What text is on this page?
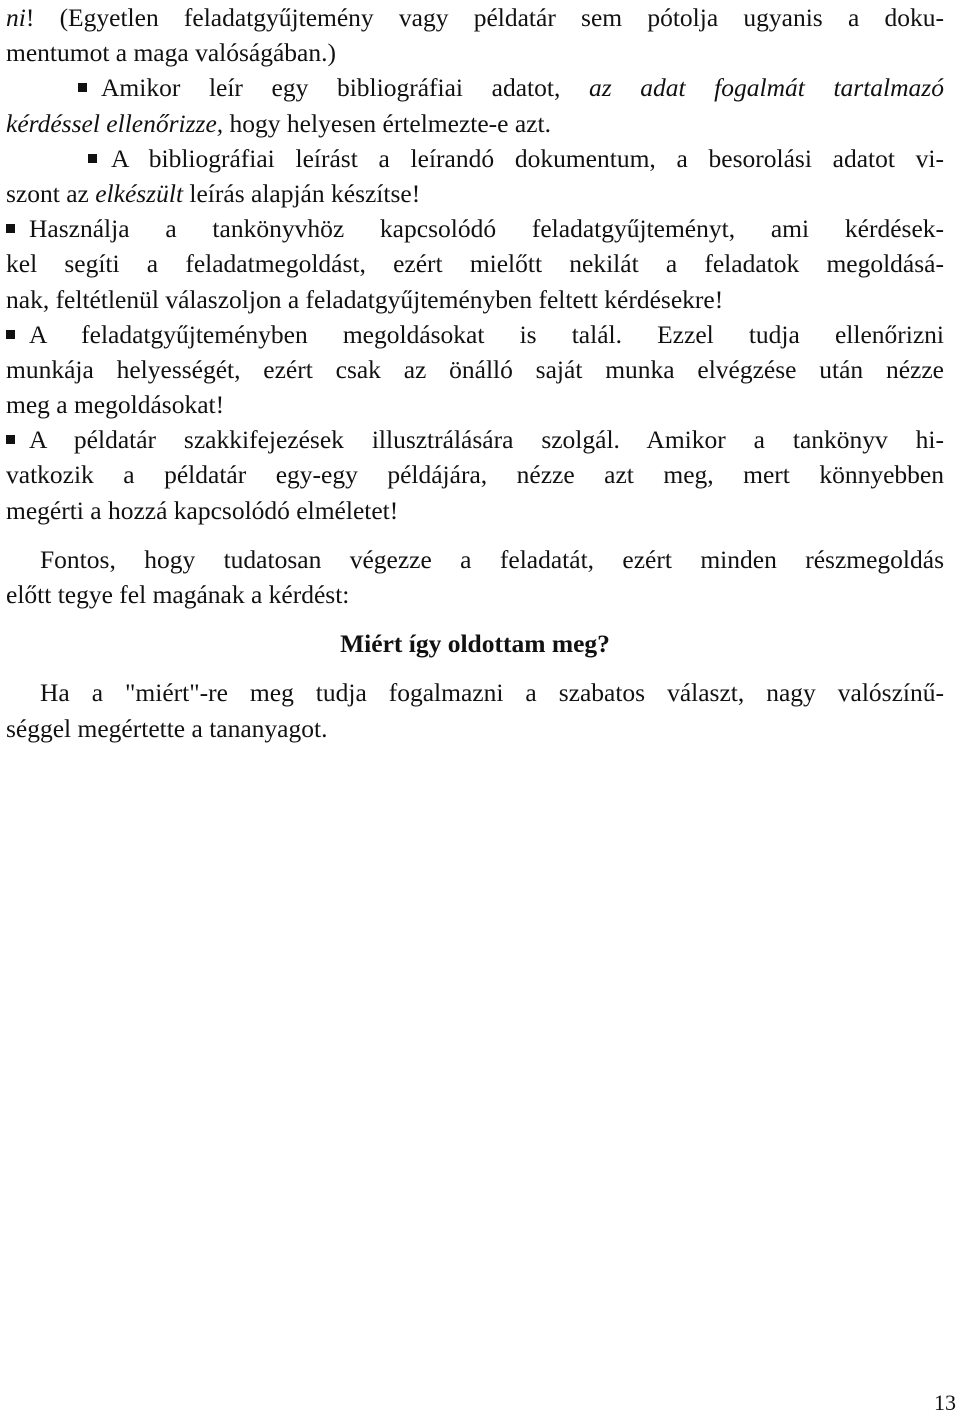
ni! (Egyetlen feladatgyűjtemény vagy példatár sem pótolja ugyanis a doku-
mentumot a maga valóságában.)
Amikor leír egy bibliográfiai adatot, az adat fogalmát tartalmazó
kérdéssel ellenőrizze, hogy helyesen értelmezte-e azt.
A bibliográfiai leírást a leírandó dokumentum, a besorolási adatot vi-
szont az elkészült leírás alapján készítse!
Használja a tankönyvhöz kapcsolódó feladatgyűjteményt, ami kérdések-
kel segíti a feladatmegoldást, ezért mielőtt nekilát a feladatok megoldásá-
nak, feltétlenül válaszoljon a feladatgyűjteményben feltett kérdésekre!
A feladatgyűjteményben megoldásokat is talál. Ezzel tudja ellenőrizni
munkája helyességét, ezért csak az önálló saját munka elvégzése után nézze
meg a megoldásokat!
A példatár szakkifejezések illusztrálására szolgál. Amikor a tankönyv hi-
vatkozik a példatár egy-egy példájára, nézze azt meg, mert könnyebben
megérti a hozzá kapcsolódó elméletet!
Fontos, hogy tudatosan végezze a feladatát, ezért minden részmegoldás
előtt tegye fel magának a kérdést:
Miért így oldottam meg?
Ha a "miért"-re meg tudja fogalmazni a szabatos választ, nagy valószínű-
séggel megértette a tananyagot.
13
